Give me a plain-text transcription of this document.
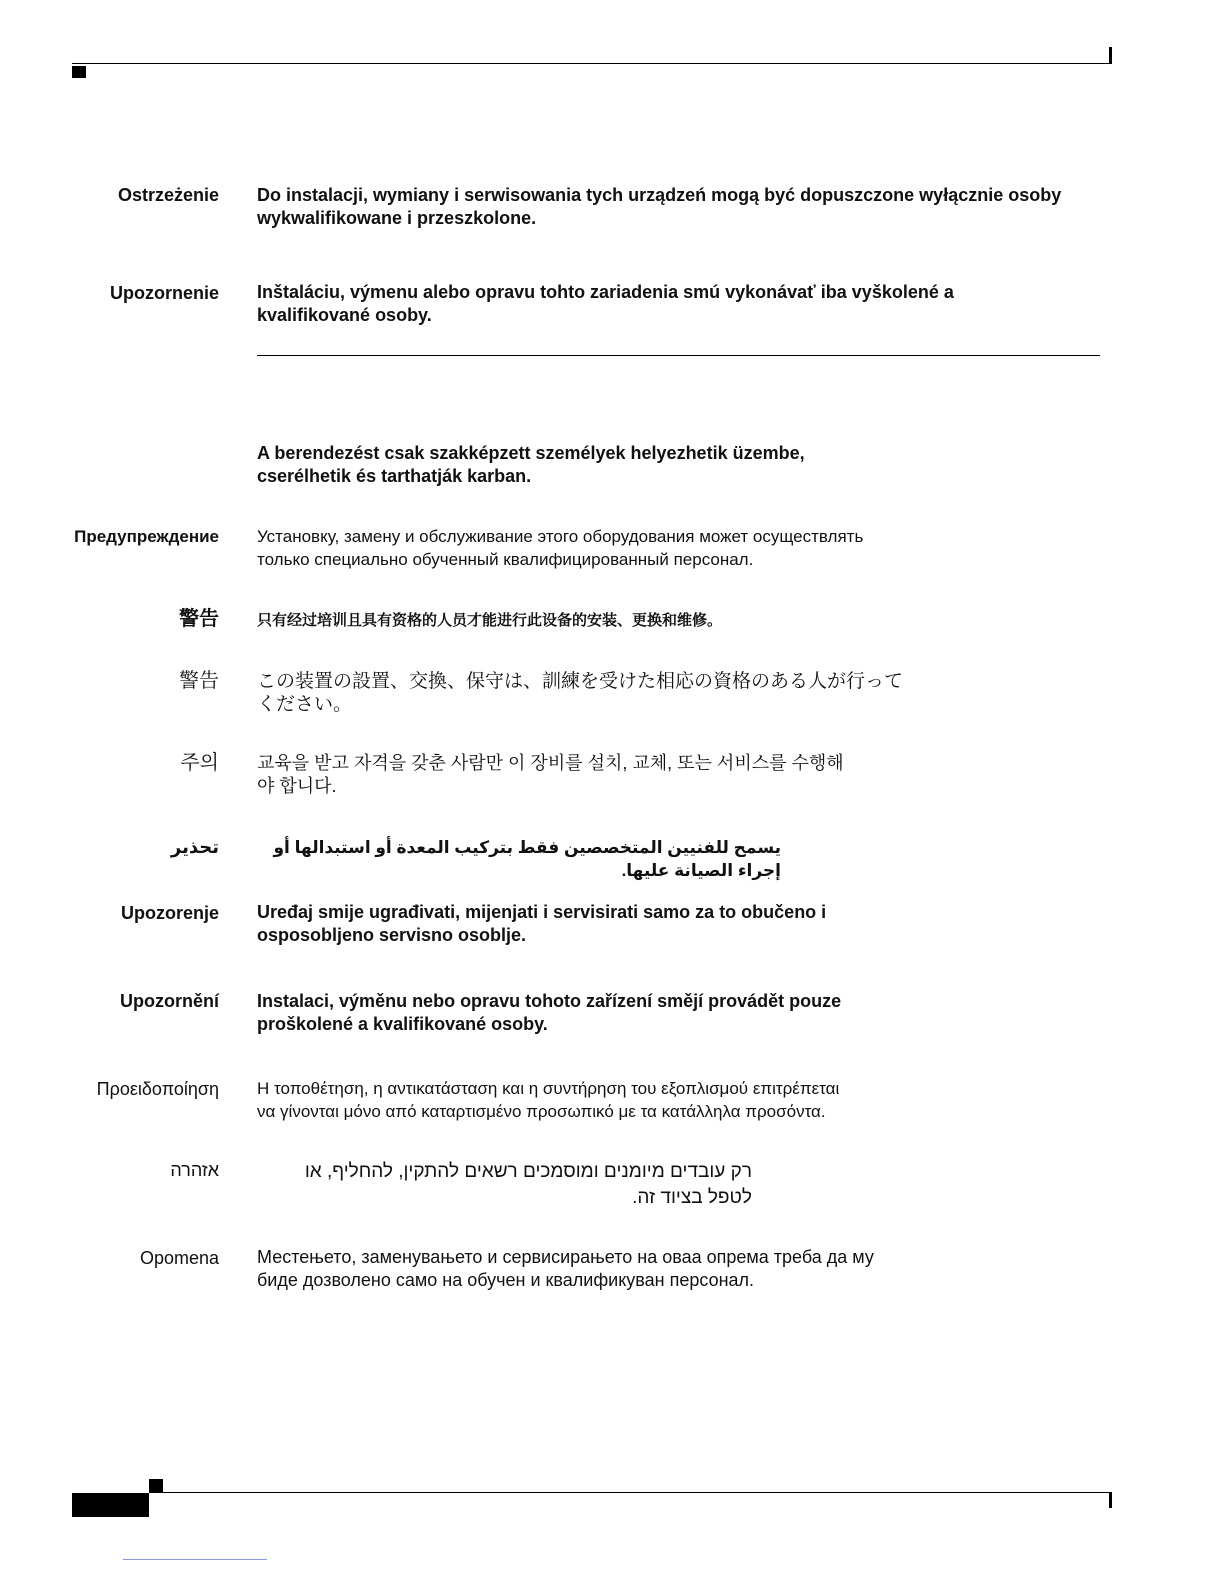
Ostrzeżenie Do instalacji, wymiany i serwisowania tych urządzeń mogą być dopuszczone wyłącznie osoby
wykwalifikowane i przeszkolone.
Upozornenie Inštaláciu, výmenu alebo opravu tohto zariadenia smú vykonávať iba vyškolené a
kvalifikované osoby.
A berendezést csak szakképzett személyek helyezhetik üzembe,
cserélhetik és tarthatják karban.
Предупреждение Установку, замену и обслуживание этого оборудования может осуществлять
только специально обученный квалифицированный персонал.
警告	只有经过培训且具有资格的人员才能进行此设备的安装、更换和维修。
警告 この装置の設置、交換、保守は、訓練を受けた相応の資格のある人が行って
ください。
주의 교육을 받고 자격을 갖춘 사람만 이 장비를 설치, 교체, 또는 서비스를 수행해
야 합니다.
تحذير	يسمح للفنيين المتخصصين فقط بتركيب المعدة أو استبدالها أو إجراء الصيانة عليها.
Upozorenje Uređaj smije ugrađivati, mijenjati i servisirati samo za to obučeno i
osposobljeno servisno osoblje.
Upozornění Instalaci, výměnu nebo opravu tohoto zařízení smějí provádět pouze
proškolené a kvalifikované osoby.
Προειδοποίηση Η τοποθέτηση, η αντικατάσταση και η συντήρηση του εξοπλισμού επιτρέπεται
να γίνονται μόνο από καταρτισμένο προσωπικό με τα κατάλληλα προσόντα.
אזהרה	רק עובדים מיומנים ומוסמכים רשאים להתקין, להחליף, או
לטפל בציוד זה.
Opomena Местењето, заменувањето и сервисирањето на оваа опрема треба да му
биде дозволено само на обучен и квалификуван персонал.
